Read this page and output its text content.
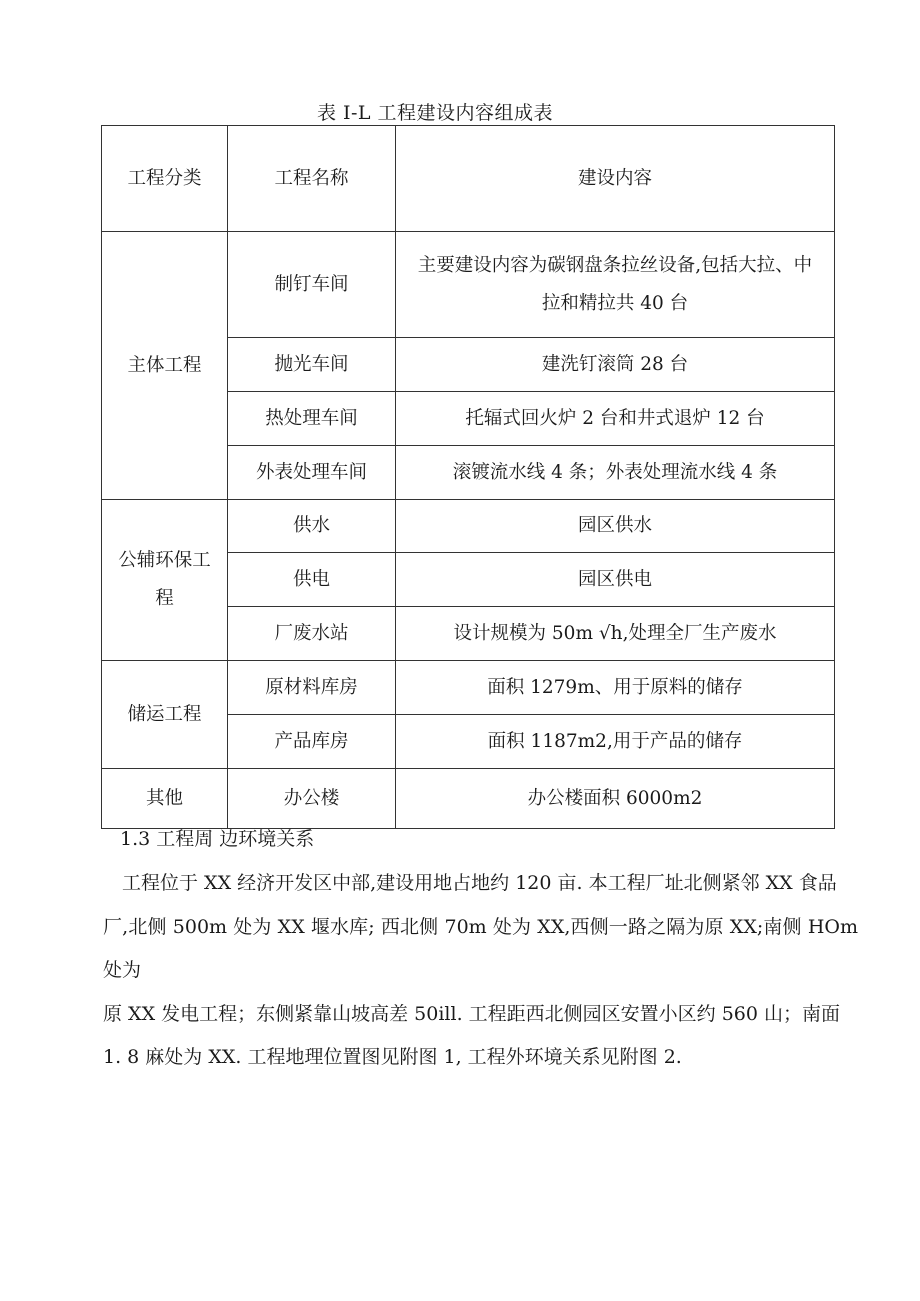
表 I-L 工程建设内容组成表
工程分类	工程名称	建设内容
主体工程	制钉车间	主要建设内容为碳钢盘条拉丝设备,包括大拉、中
拉和精拉共 40 台

	抛光车间	建洗钉滚筒 28 台
	热处理车间	托辐式回火炉 2 台和井式退炉 12 台
	外表处理车间	滚镀流水线 4 条；外表处理流水线 4 条

公辅环保工
程	供水	园区供水
	供电	园区供电
	厂废水站	设计规模为 50m √h,处理全厂生产废水
储运工程	原材料库房	面积 1279m、用于原料的储存
	产品库房	面积 1187m2,用于产品的储存
其他	办公楼	办公楼面积 6000m2
1.3 工程周 边环境关系
工程位于 XX 经济开发区中部,建设用地占地约 120 亩. 本工程厂址北侧紧邻 XX 食品
厂,北侧 500m 处为 XX 堰水库; 西北侧 70m 处为 XX,西侧一路之隔为原 XX;南侧 HOm 处为
原 XX 发电工程；东侧紧靠山坡高差 50ill. 工程距西北侧园区安置小区约 560 山；南面
1. 8 麻处为 XX. 工程地理位置图见附图 1, 工程外环境关系见附图 2.
